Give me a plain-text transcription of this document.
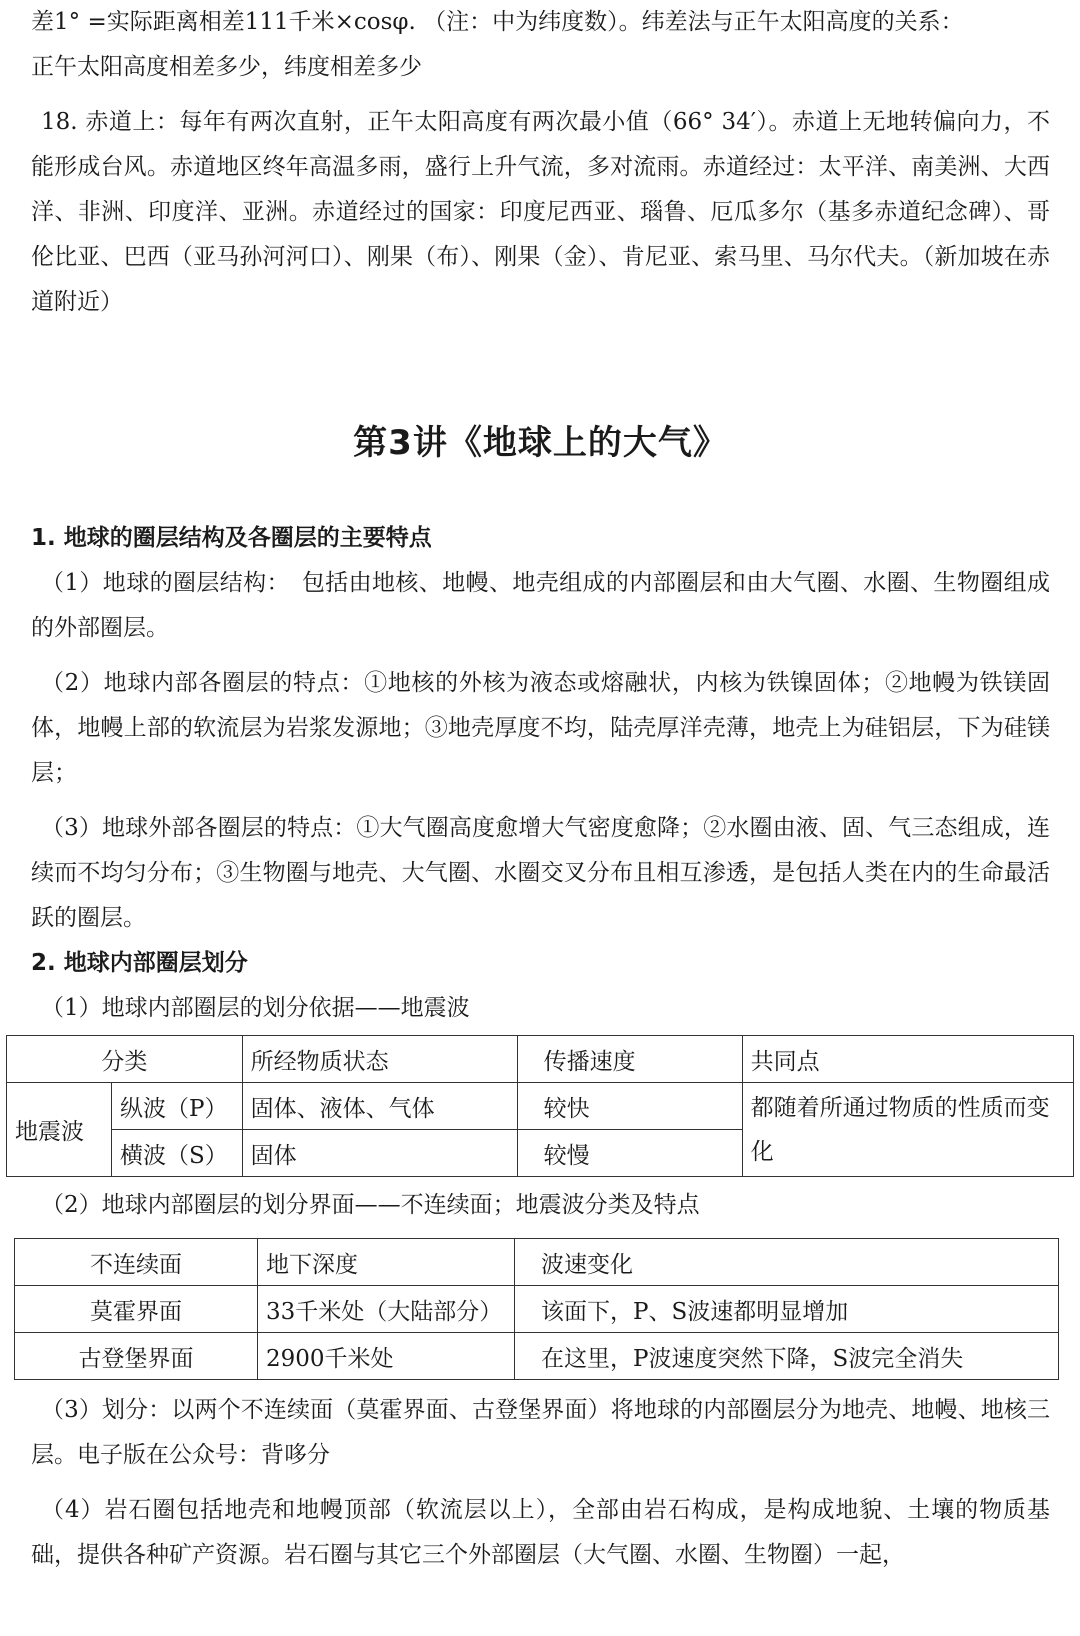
差1° =实际距离相差111千米×cosφ. （注：中为纬度数）。纬差法与正午太阳高度的关系：

正午太阳高度相差多少，纬度相差多少

18. 赤道上：每年有两次直射，正午太阳高度有两次最小值（66° 34′）。赤道上无地转偏向力，不能形成台风。赤道地区终年高温多雨，盛行上升气流，多对流雨。赤道经过：太平洋、南美洲、大西洋、非洲、印度洋、亚洲。赤道经过的国家：印度尼西亚、瑙鲁、厄瓜多尔（基多赤道纪念碑）、哥伦比亚、巴西（亚马孙河河口）、刚果（布）、刚果（金）、肯尼亚、索马里、马尔代夫。（新加坡在赤道附近）

第3讲《地球上的大气》

1. 地球的圈层结构及各圈层的主要特点

（1）地球的圈层结构：　包括由地核、地幔、地壳组成的内部圈层和由大气圈、水圈、生物圈组成的外部圈层。

（2）地球内部各圈层的特点：①地核的外核为液态或熔融状，内核为铁镍固体；②地幔为铁镁固体，地幔上部的软流层为岩浆发源地；③地壳厚度不均，陆壳厚洋壳薄，地壳上为硅铝层，下为硅镁层；

（3）地球外部各圈层的特点：①大气圈高度愈增大气密度愈降；②水圈由液、固、气三态组成，连续而不均匀分布；③生物圈与地壳、大气圈、水圈交叉分布且相互渗透，是包括人类在内的生命最活跃的圈层。

2. 地球内部圈层划分

（1）地球内部圈层的划分依据——地震波

分类		所经物质状态	传播速度	共同点
地震波	纵波（P）	固体、液体、气体	较快	都随着所通过物质的性质而变化
	横波（S）	固体	较慢	

（2）地球内部圈层的划分界面——不连续面；地震波分类及特点

不连续面	地下深度	波速变化
莫霍界面	33千米处（大陆部分）	该面下，P、S波速都明显增加
古登堡界面	2900千米处	在这里，P波速度突然下降，S波完全消失

（3）划分：以两个不连续面（莫霍界面、古登堡界面）将地球的内部圈层分为地壳、地幔、地核三层。电子版在公众号：背哆分

（4）岩石圈包括地壳和地幔顶部（软流层以上），全部由岩石构成，是构成地貌、土壤的物质基础，提供各种矿产资源。岩石圈与其它三个外部圈层（大气圈、水圈、生物圈）一起，
